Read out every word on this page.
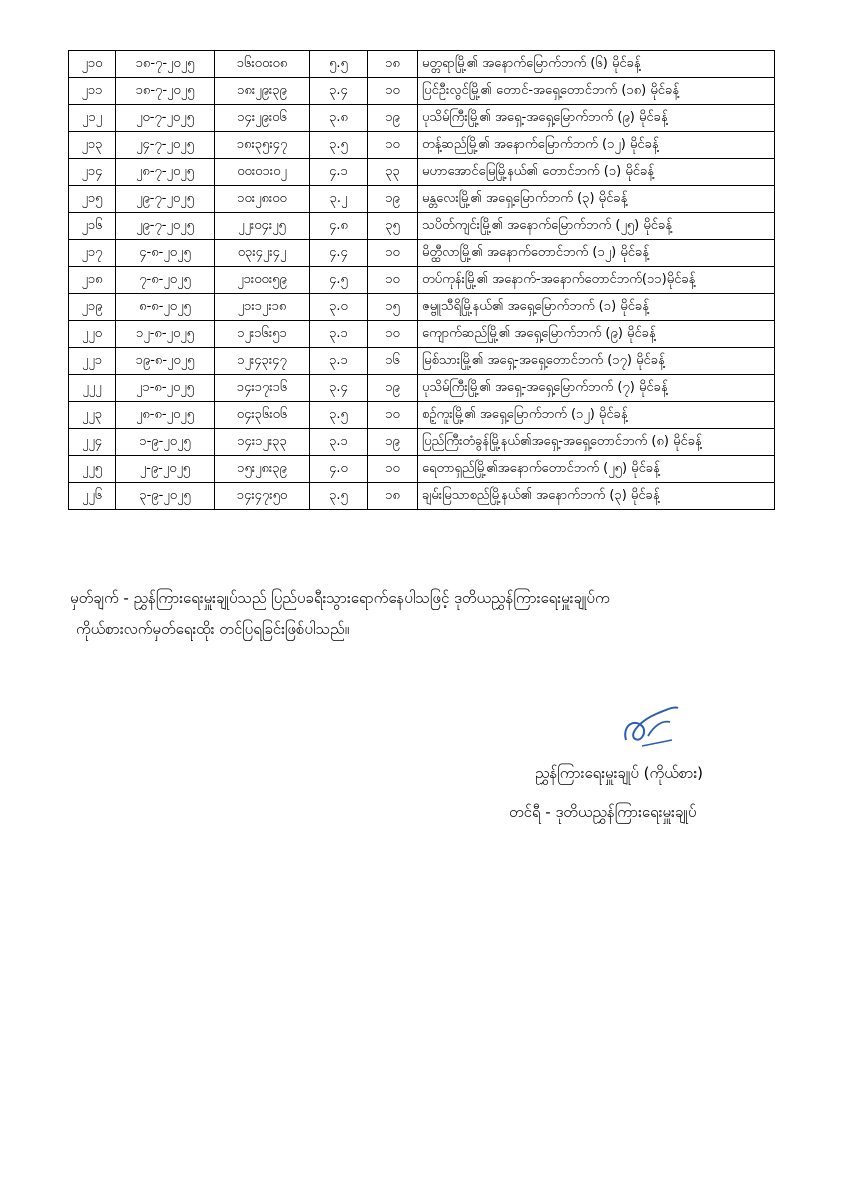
၂၁၀	၁၈-၇-၂၀၂၅	၁၆း၀၀း၀၈	၅.၅	၁၈	မတ္တရာမြို့၏ အနောက်မြောက်ဘက် (၆) မိုင်ခန့်
၂၁၁	၁၈-၇-၂၀၂၅	၁၈း၂၉း၃၉	၃.၄	၁၀	ပြင်ဦးလွင်မြို့၏ တောင်-အရှေ့တောင်ဘက် (၁၈) မိုင်ခန့်
၂၁၂	၂၀-၇-၂၀၂၅	၁၄း၂၉း၀၆	၃.၈	၁၉	ပုသိမ်ကြီးမြို့၏ အရှေ့-အရှေ့မြောက်ဘက် (၉) မိုင်ခန့်
၂၁၃	၂၄-၇-၂၀၂၅	၁၈း၃၅း၄၇	၃.၅	၁၀	တန့်ဆည်မြို့၏ အနောက်မြောက်ဘက် (၁၂) မိုင်ခန့်
၂၁၄	၂၈-၇-၂၀၂၅	၀၀း၀၁း၀၂	၄.၁	၃၃	မဟာအောင်မြေမြို့နယ်၏ တောင်ဘက် (၁) မိုင်ခန့်
၂၁၅	၂၉-၇-၂၀၂၅	၁၀း၂၈း၀၀	၃.၂	၁၉	မန္တလေးမြို့၏ အရှေ့မြောက်ဘက် (၃) မိုင်ခန့်
၂၁၆	၂၉-၇-၂၀၂၅	၂၂း၀၄း၂၅	၄.၈	၃၅	သပိတ်ကျင်းမြို့၏ အနောက်မြောက်ဘက် (၂၅) မိုင်ခန့်
၂၁၇	၄-၈-၂၀၂၅	၀၃း၄၂း၄၂	၄.၄	၁၀	မိတ္ထီလာမြို့၏ အနောက်တောင်ဘက် (၁၂) မိုင်ခန့်
၂၁၈	၇-၈-၂၀၂၅	၂၁း၀၀း၅၉	၄.၅	၁၀	တပ်ကုန်းမြို့၏ အနောက်-အနောက်တောင်ဘက်(၁၁)မိုင်ခန့်
၂၁၉	၈-၈-၂၀၂၅	၂၁း၁၂း၁၈	၃.၀	၁၅	ဇမ္ဗူသီရိမြို့နယ်၏ အရှေ့မြောက်ဘက် (၁) မိုင်ခန့်
၂၂၀	၁၂-၈-၂၀၂၅	၁၂း၁၆း၅၁	၃.၁	၁၀	ကျောက်ဆည်မြို့၏ အရှေ့မြောက်ဘက် (၉) မိုင်ခန့်
၂၂၁	၁၉-၈-၂၀၂၅	၁၂း၄၃း၄၇	၃.၁	၁၆	မြစ်သားမြို့၏ အရှေ့-အရှေ့တောင်ဘက် (၁၇) မိုင်ခန့်
၂၂၂	၂၁-၈-၂၀၂၅	၁၄း၁၇း၁၆	၃.၄	၁၉	ပုသိမ်ကြီးမြို့၏ အရှေ့-အရှေ့မြောက်ဘက် (၇) မိုင်ခန့်
၂၂၃	၂၈-၈-၂၀၂၅	၀၄း၃၆း၀၆	၃.၅	၁၀	စဥ့်ကူးမြို့၏ အရှေ့မြောက်ဘက် (၁၂) မိုင်ခန့်
၂၂၄	၁-၉-၂၀၂၅	၁၄း၁၂း၃၃	၃.၁	၁၉	ပြည်ကြီးတံခွန်မြို့နယ်၏အရှေ့-အရှေ့တောင်ဘက် (၈) မိုင်ခန့်
၂၂၅	၂-၉-၂၀၂၅	၁၅း၂၈း၃၉	၄.၀	၁၀	ရေတာရှည်မြို့၏အနောက်တောင်ဘက် (၂၅) မိုင်ခန့်
၂၂၆	၃-၉-၂၀၂၅	၁၄း၄၇း၅၀	၃.၅	၁၈	ချမ်းမြသာစည်မြို့နယ်၏ အနောက်ဘက် (၃) မိုင်ခန့်
မှတ်ချက် - ညွှန်ကြားရေးမှူးချုပ်သည် ပြည်ပခရီးသွားရောက်နေပါသဖြင့် ဒုတိယညွှန်ကြားရေးမှူးချုပ်က
ကိုယ်စားလက်မှတ်ရေးထိုး တင်ပြရခြင်းဖြစ်ပါသည်။
ညွှန်ကြားရေးမှူးချုပ် (ကိုယ်စား)
တင်ရီ - ဒုတိယညွှန်ကြားရေးမှူးချုပ်
